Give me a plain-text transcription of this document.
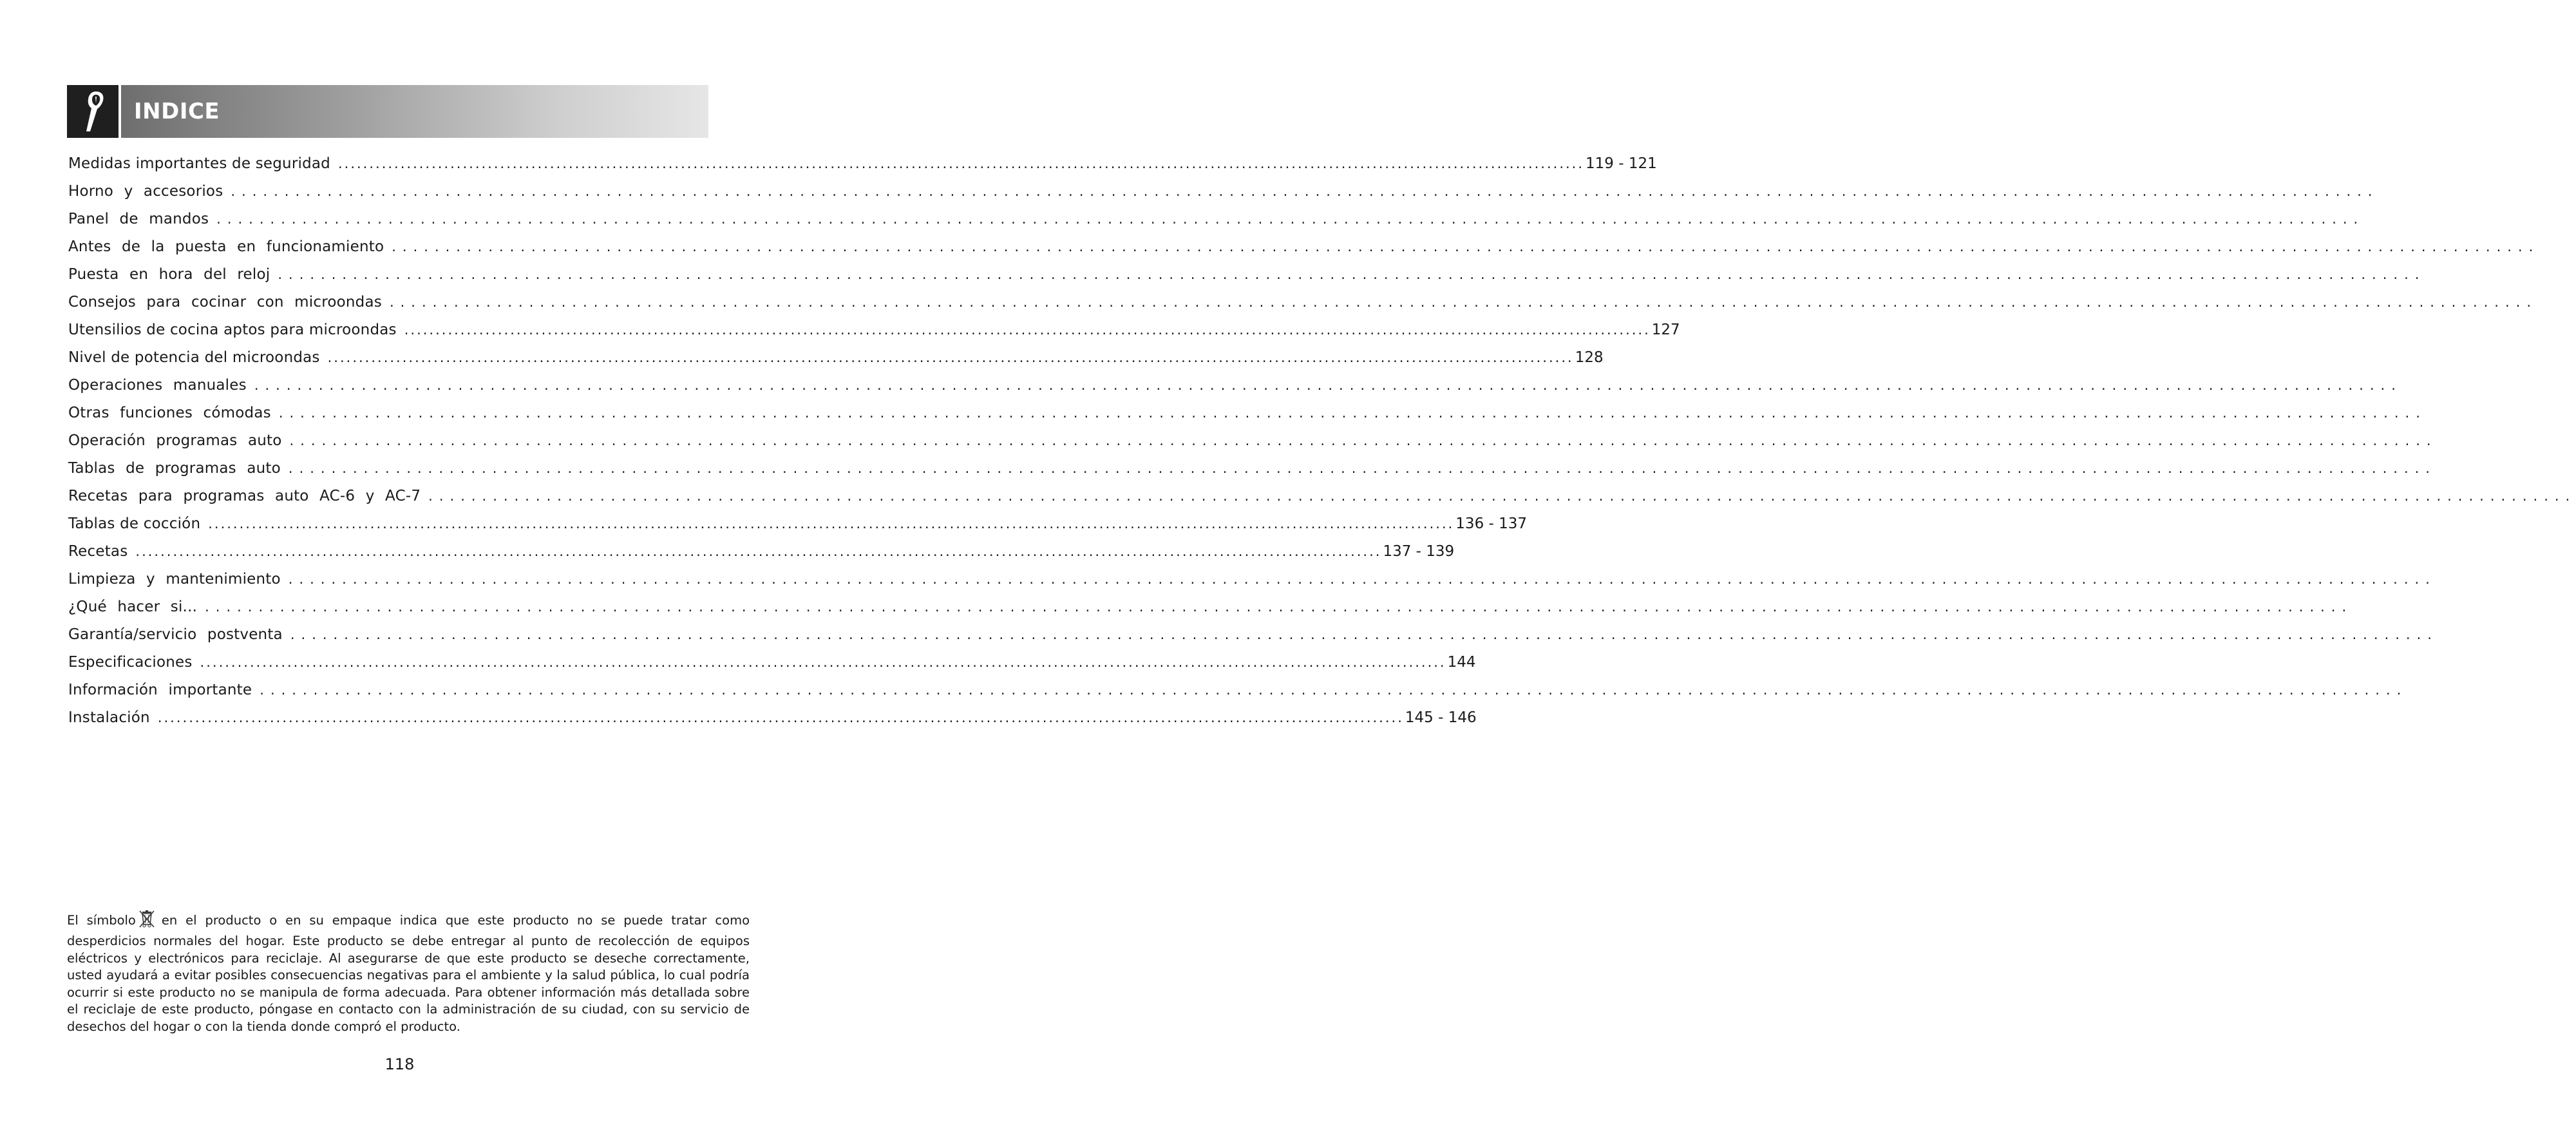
INDICE
Medidas importantes de seguridad ........................................................................................................................................................................................................ 119 - 121
Horno y accesorios ........................................................................................................................................................................................................
Panel de mandos ........................................................................................................................................................................................................
Antes de la puesta en funcionamiento ........................................................................................................................................................................................................
Puesta en hora del reloj ........................................................................................................................................................................................................
Consejos para cocinar con microondas ........................................................................................................................................................................................................
Utensilios de cocina aptos para microondas ........................................................................................................................................................................................................ 127
Nivel de potencia del microondas ........................................................................................................................................................................................................ 128
Operaciones manuales ........................................................................................................................................................................................................
Otras funciones cómodas ........................................................................................................................................................................................................
Operación programas auto ........................................................................................................................................................................................................
Tablas de programas auto ........................................................................................................................................................................................................
Recetas para programas auto AC-6 y AC-7 ........................................................................................................................................................................................................
Tablas de cocción ........................................................................................................................................................................................................ 136 - 137
Recetas ........................................................................................................................................................................................................ 137 - 139
Limpieza y mantenimiento ........................................................................................................................................................................................................
¿Qué hacer si... ........................................................................................................................................................................................................
Garantía/servicio postventa ........................................................................................................................................................................................................
Especificaciones ........................................................................................................................................................................................................ 144
Información importante ........................................................................................................................................................................................................
Instalación ........................................................................................................................................................................................................ 145 - 146

El símbolo en el producto o en su empaque indica que este producto no se puede tratar como desperdicios normales del hogar. Este producto se debe entregar al punto de recolección de equipos eléctricos y electrónicos para reciclaje. Al asegurarse de que este producto se deseche correctamente, usted ayudará a evitar posibles consecuencias negativas para el ambiente y la salud pública, lo cual podría ocurrir si este producto no se manipula de forma adecuada. Para obtener información más detallada sobre el reciclaje de este producto, póngase en contacto con la administración de su ciudad, con su servicio de desechos del hogar o con la tienda donde compró el producto.

118
